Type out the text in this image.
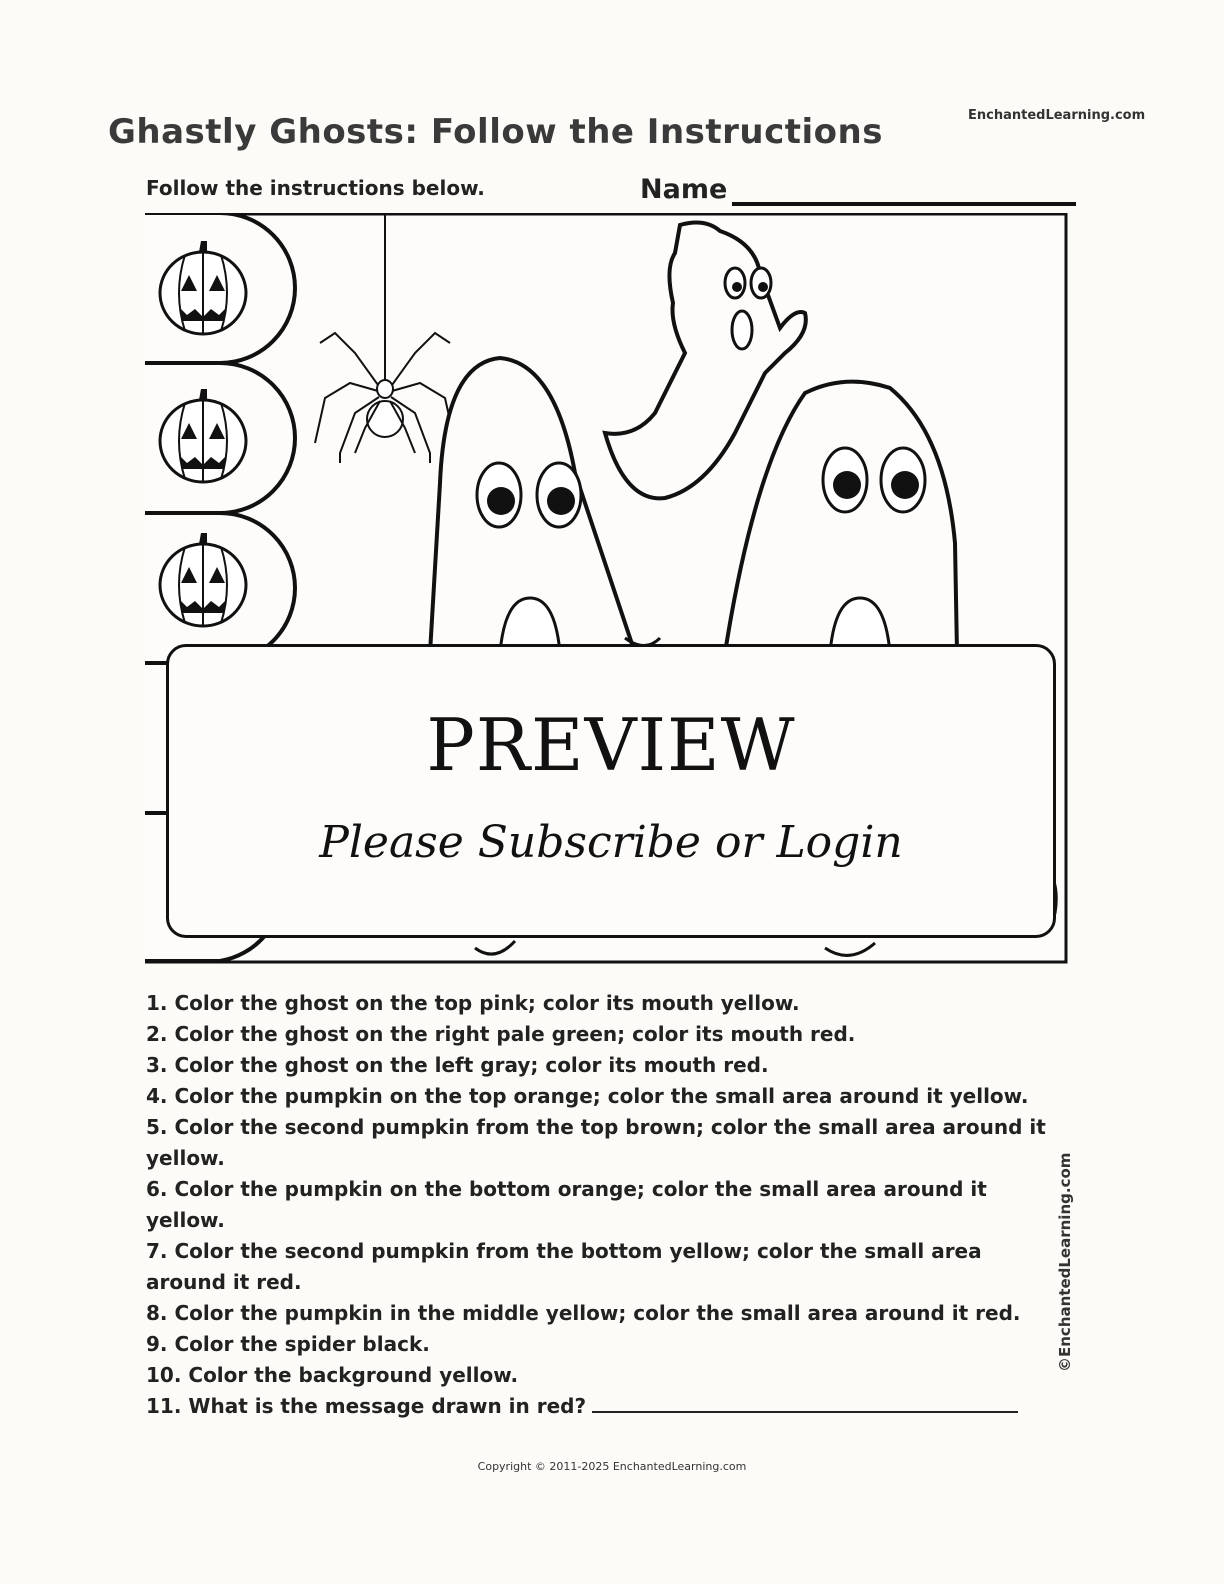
EnchantedLearning.com
Ghastly Ghosts: Follow the Instructions
Follow the instructions below.	Name
PREVIEW
Please Subscribe or Login
1. Color the ghost on the top pink; color its mouth yellow.
2. Color the ghost on the right pale green; color its mouth red.
3. Color the ghost on the left gray; color its mouth red.
4. Color the pumpkin on the top orange; color the small area around it yellow.
5. Color the second pumpkin from the top brown; color the small area around it yellow.
6. Color the pumpkin on the bottom orange; color the small area around it yellow.
7. Color the second pumpkin from the bottom yellow; color the small area around it red.
8. Color the pumpkin in the middle yellow; color the small area around it red.
9. Color the spider black.
10. Color the background yellow.
11. What is the message drawn in red?
©EnchantedLearning.com
Copyright © 2011-2025 EnchantedLearning.com
